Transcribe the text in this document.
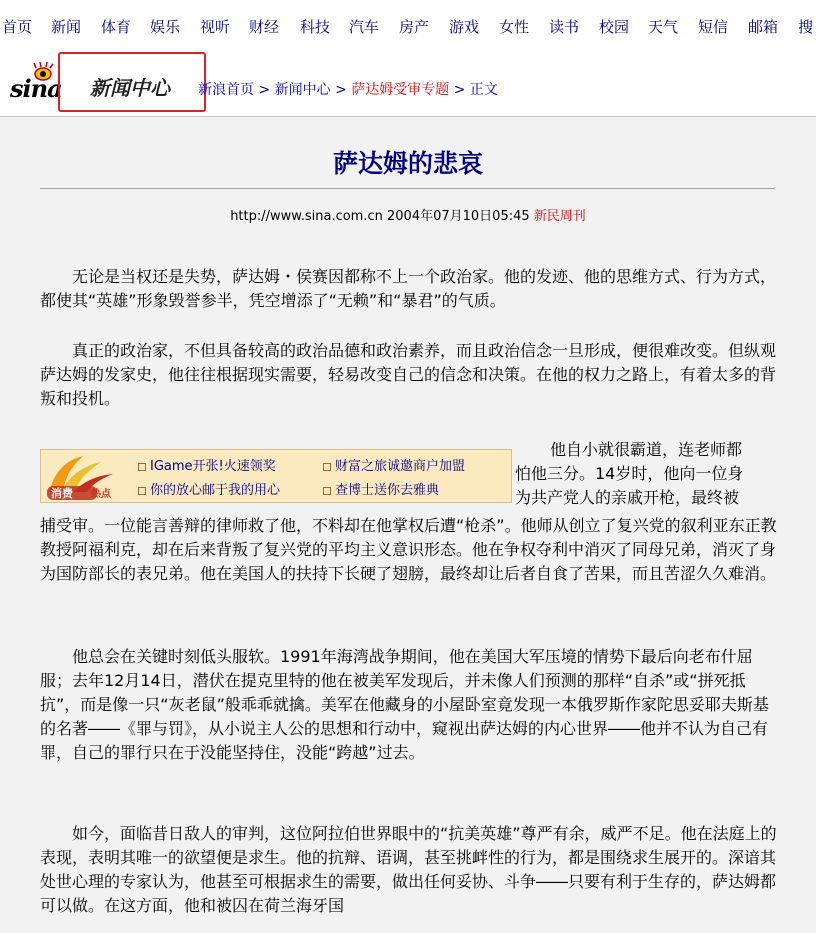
首页 新闻 体育 娱乐 视听 财经 科技 汽车 房产 游戏 女性 读书 校园 天气 短信 邮箱 搜
sina 新闻中心 新浪首页 > 新闻中心 > 萨达姆受审专题 > 正文
萨达姆的悲哀
http://www.sina.com.cn 2004年07月10日05:45 新民周刊

无论是当权还是失势，萨达姆・侯赛因都称不上一个政治家。他的发迹、他的思维方式、行为方式，都使其“英雄”形象毁誉参半，凭空增添了“无赖”和“暴君”的气质。

真正的政治家，不但具备较高的政治品德和政治素养，而且政治信念一旦形成，便很难改变。但纵观萨达姆的发家史，他往往根据现实需要，轻易改变自己的信念和决策。在他的权力之路上，有着太多的背叛和投机。

消费 热点
IGame开张!火速领奖	财富之旅诚邀商户加盟
你的放心邮于我的用心	查博士送你去雅典
他自小就很霸道，连老师都
怕他三分。14岁时，他向一位身
为共产党人的亲戚开枪，最终被

捕受审。一位能言善辩的律师救了他，不料却在他掌权后遭“枪杀”。他师从创立了复兴党的叙利亚东正教教授阿福利克，却在后来背叛了复兴党的平均主义意识形态。他在争权夺利中消灭了同母兄弟，消灭了身为国防部长的表兄弟。他在美国人的扶持下长硬了翅膀，最终却让后者自食了苦果，而且苦涩久久难消。

他总会在关键时刻低头服软。1991年海湾战争期间，他在美国大军压境的情势下最后向老布什屈服；去年12月14日，潜伏在提克里特的他在被美军发现后，并未像人们预测的那样“自杀”或“拼死抵抗”，而是像一只“灰老鼠”般乖乖就擒。美军在他藏身的小屋卧室竟发现一本俄罗斯作家陀思妥耶夫斯基的名著――《罪与罚》，从小说主人公的思想和行动中，窥视出萨达姆的内心世界――他并不认为自己有罪，自己的罪行只在于没能坚持住，没能“跨越”过去。

如今，面临昔日敌人的审判，这位阿拉伯世界眼中的“抗美英雄”尊严有余，威严不足。他在法庭上的表现，表明其唯一的欲望便是求生。他的抗辩、语调，甚至挑衅性的行为，都是围绕求生展开的。深谙其处世心理的专家认为，他甚至可根据求生的需要，做出任何妥协、斗争――只要有利于生存的，萨达姆都可以做。在这方面，他和被囚在荷兰海牙国
